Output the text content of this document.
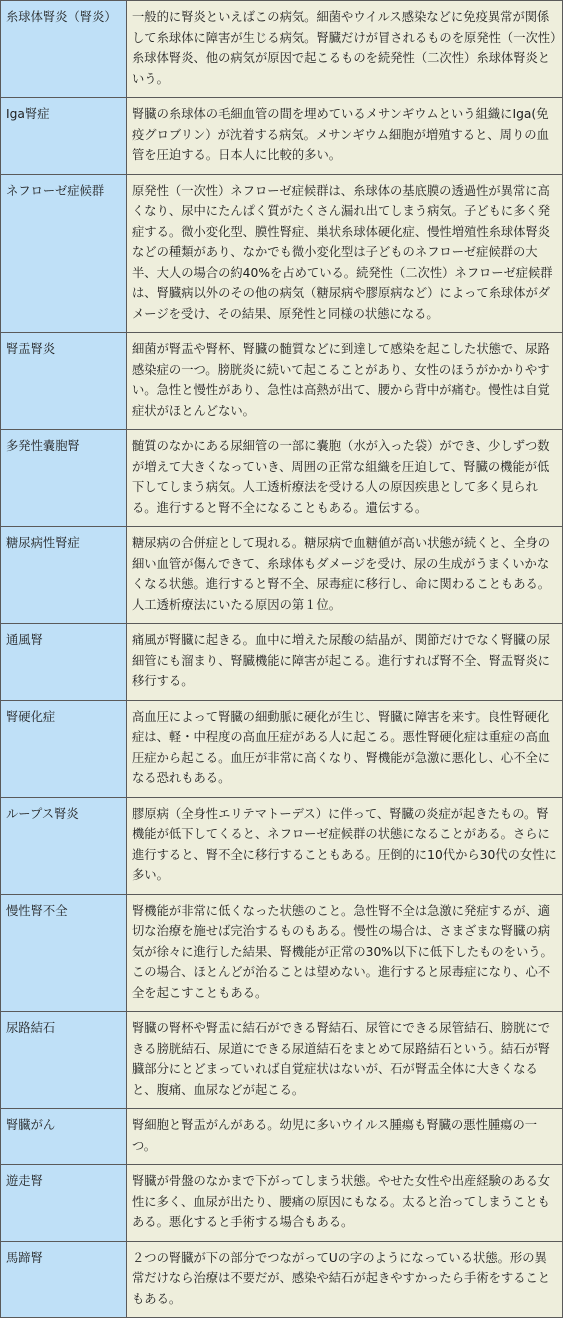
糸球体腎炎（腎炎）	一般的に腎炎といえばこの病気。細菌やウイルス感染などに免疫異常が関係して糸球体に障害が生じる病気。腎臓だけが冒されるものを原発性（一次性）糸球体腎炎、他の病気が原因で起こるものを続発性（二次性）糸球体腎炎という。
Iga腎症	腎臓の糸球体の毛細血管の間を埋めているメサンギウムという組織にIga(免疫グロブリン）が沈着する病気。メサンギウム細胞が増殖すると、周りの血管を圧迫する。日本人に比較的多い。
ネフローゼ症候群	原発性（一次性）ネフローゼ症候群は、糸球体の基底膜の透過性が異常に高くなり、尿中にたんぱく質がたくさん漏れ出てしまう病気。子どもに多く発症する。微小変化型、膜性腎症、巣状糸球体硬化症、慢性増殖性糸球体腎炎などの種類があり、なかでも微小変化型は子どものネフローゼ症候群の大半、大人の場合の約40%を占めている。続発性（二次性）ネフローゼ症候群は、腎臓病以外のその他の病気（糖尿病や膠原病など）によって糸球体がダメージを受け、その結果、原発性と同様の状態になる。
腎盂腎炎	細菌が腎盂や腎杯、腎臓の髄質などに到達して感染を起こした状態で、尿路感染症の一つ。膀胱炎に続いて起こることがあり、女性のほうがかかりやすい。急性と慢性があり、急性は高熱が出て、腰から背中が痛む。慢性は自覚症状がほとんどない。
多発性嚢胞腎	髄質のなかにある尿細管の一部に嚢胞（水が入った袋）ができ、少しずつ数が増えて大きくなっていき、周囲の正常な組織を圧迫して、腎臓の機能が低下してしまう病気。人工透析療法を受ける人の原因疾患として多く見られる。進行すると腎不全になることもある。遺伝する。
糖尿病性腎症	糖尿病の合併症として現れる。糖尿病で血糖値が高い状態が続くと、全身の細い血管が傷んできて、糸球体もダメージを受け、尿の生成がうまくいかなくなる状態。進行すると腎不全、尿毒症に移行し、命に関わることもある。人工透析療法にいたる原因の第１位。
通風腎	痛風が腎臓に起きる。血中に増えた尿酸の結晶が、関節だけでなく腎臓の尿細管にも溜まり、腎臓機能に障害が起こる。進行すれば腎不全、腎盂腎炎に移行する。
腎硬化症	高血圧によって腎臓の細動脈に硬化が生じ、腎臓に障害を来す。良性腎硬化症は、軽・中程度の高血圧症がある人に起こる。悪性腎硬化症は重症の高血圧症から起こる。血圧が非常に高くなり、腎機能が急激に悪化し、心不全になる恐れもある。
ループス腎炎	膠原病（全身性エリテマトーデス）に伴って、腎臓の炎症が起きたもの。腎機能が低下してくると、ネフローゼ症候群の状態になることがある。さらに進行すると、腎不全に移行することもある。圧倒的に10代から30代の女性に多い。
慢性腎不全	腎機能が非常に低くなった状態のこと。急性腎不全は急激に発症するが、適切な治療を施せば完治するものもある。慢性の場合は、さまざまな腎臓の病気が徐々に進行した結果、腎機能が正常の30%以下に低下したものをいう。この場合、ほとんどが治ることは望めない。進行すると尿毒症になり、心不全を起こすこともある。
尿路結石	腎臓の腎杯や腎盂に結石ができる腎結石、尿管にできる尿管結石、膀胱にできる膀胱結石、尿道にできる尿道結石をまとめて尿路結石という。結石が腎臓部分にとどまっていれば自覚症状はないが、石が腎盂全体に大きくなると、腹痛、血尿などが起こる。
腎臓がん	腎細胞と腎盂がんがある。幼児に多いウイルス腫瘍も腎臓の悪性腫瘍の一つ。
遊走腎	腎臓が骨盤のなかまで下がってしまう状態。やせた女性や出産経験のある女性に多く、血尿が出たり、腰痛の原因にもなる。太ると治ってしまうこともある。悪化すると手術する場合もある。
馬蹄腎	２つの腎臓が下の部分でつながってUの字のようになっている状態。形の異常だけなら治療は不要だが、感染や結石が起きやすかったら手術をすることもある。
